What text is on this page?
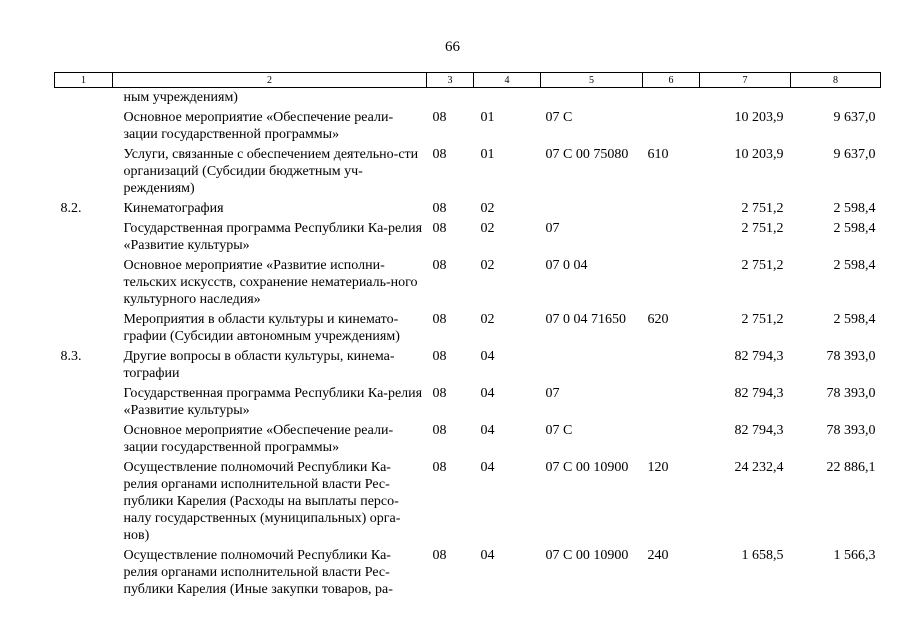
66
1	2	3	4	5	6	7	8
	ным учреждениям)						
	Основное мероприятие «Обеспечение реали-зации государственной программы»	08	01	07 С		10 203,9	9 637,0
	Услуги, связанные с обеспечением деятельно-сти организаций (Субсидии бюджетным уч-реждениям)	08	01	07 С 00 75080	610	10 203,9	9 637,0
8.2.	Кинематография	08	02			2 751,2	2 598,4
	Государственная программа Республики Ка-релия «Развитие культуры»	08	02	07		2 751,2	2 598,4
	Основное мероприятие «Развитие исполни-тельских искусств, сохранение нематериаль-ного культурного наследия»	08	02	07 0 04		2 751,2	2 598,4
	Мероприятия в области культуры и кинемато-графии (Субсидии автономным учреждениям)	08	02	07 0 04 71650	620	2 751,2	2 598,4
8.3.	Другие вопросы в области культуры, кинема-тографии	08	04			82 794,3	78 393,0
	Государственная программа Республики Ка-релия «Развитие культуры»	08	04	07		82 794,3	78 393,0
	Основное мероприятие «Обеспечение реали-зации государственной программы»	08	04	07 С		82 794,3	78 393,0
	Осуществление полномочий Республики Ка-релия органами исполнительной власти Рес-публики Карелия (Расходы на выплаты персо-налу государственных (муниципальных) орга-нов)	08	04	07 С 00 10900	120	24 232,4	22 886,1
	Осуществление полномочий Республики Ка-релия органами исполнительной власти Рес-публики Карелия (Иные закупки товаров, ра-	08	04	07 С 00 10900	240	1 658,5	1 566,3
